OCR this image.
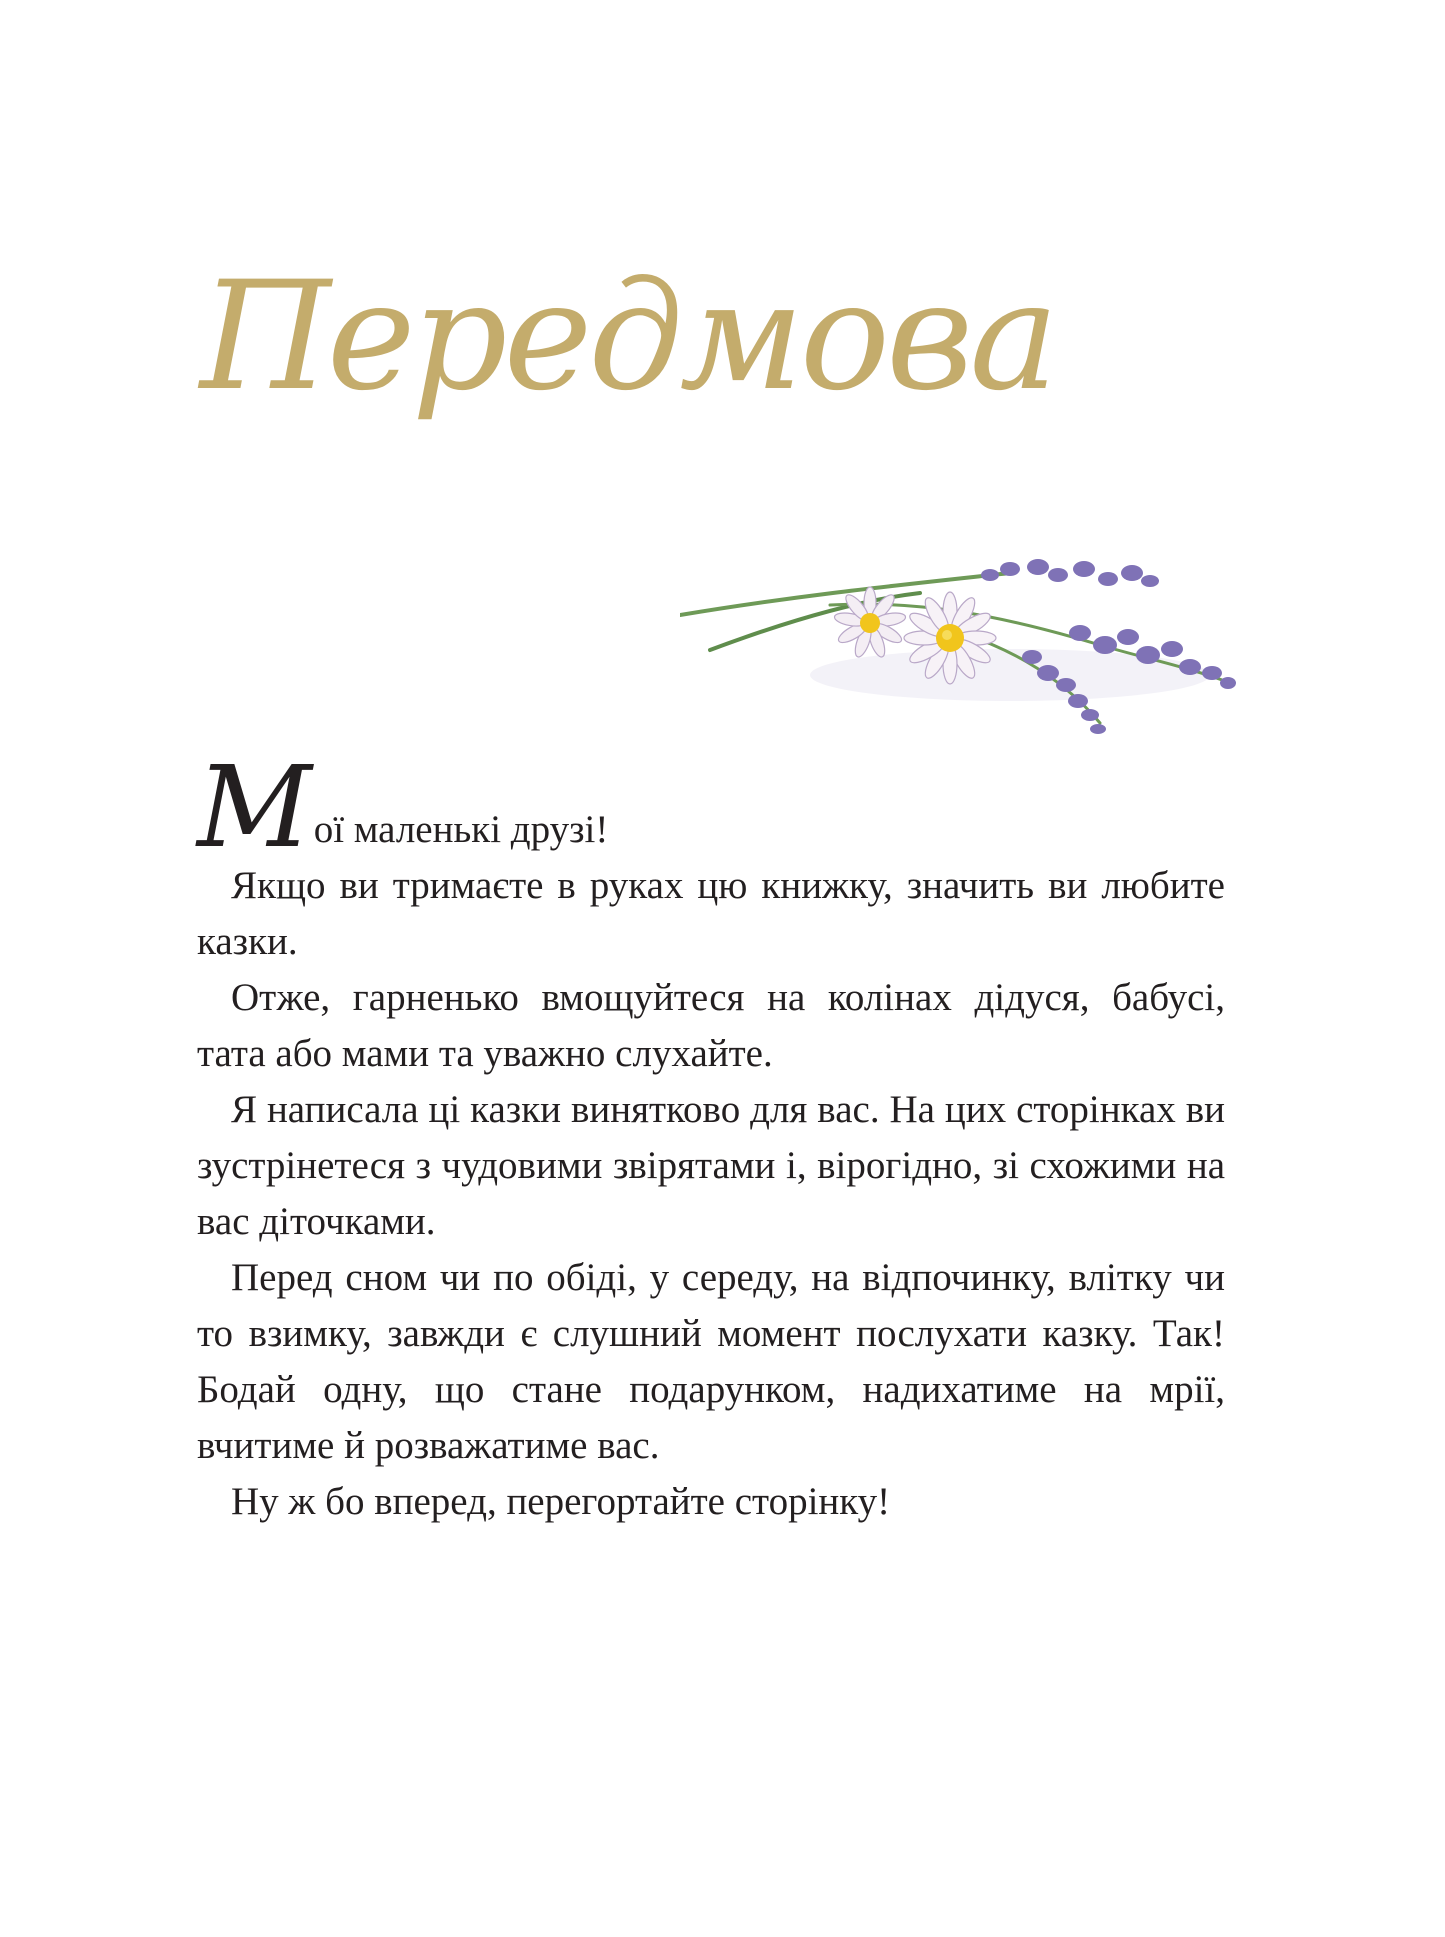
Передмова

Мої маленькі друзі!

Якщо ви тримаєте в руках цю книжку, значить ви любите казки.

Отже, гарненько вмощуйтеся на колінах дідуся, бабусі, тата або мами та уважно слухайте.

Я написала ці казки винятково для вас. На цих сторінках ви зустрінетеся з чудовими звірятами і, вірогідно, зі схожими на вас діточками.

Перед сном чи по обіді, у середу, на відпочинку, влітку чи то взимку, завжди є слушний момент послухати казку. Так! Бодай одну, що стане подарунком, надихатиме на мрії, вчитиме й розважатиме вас.

Ну ж бо вперед, перегортайте сторінку!
